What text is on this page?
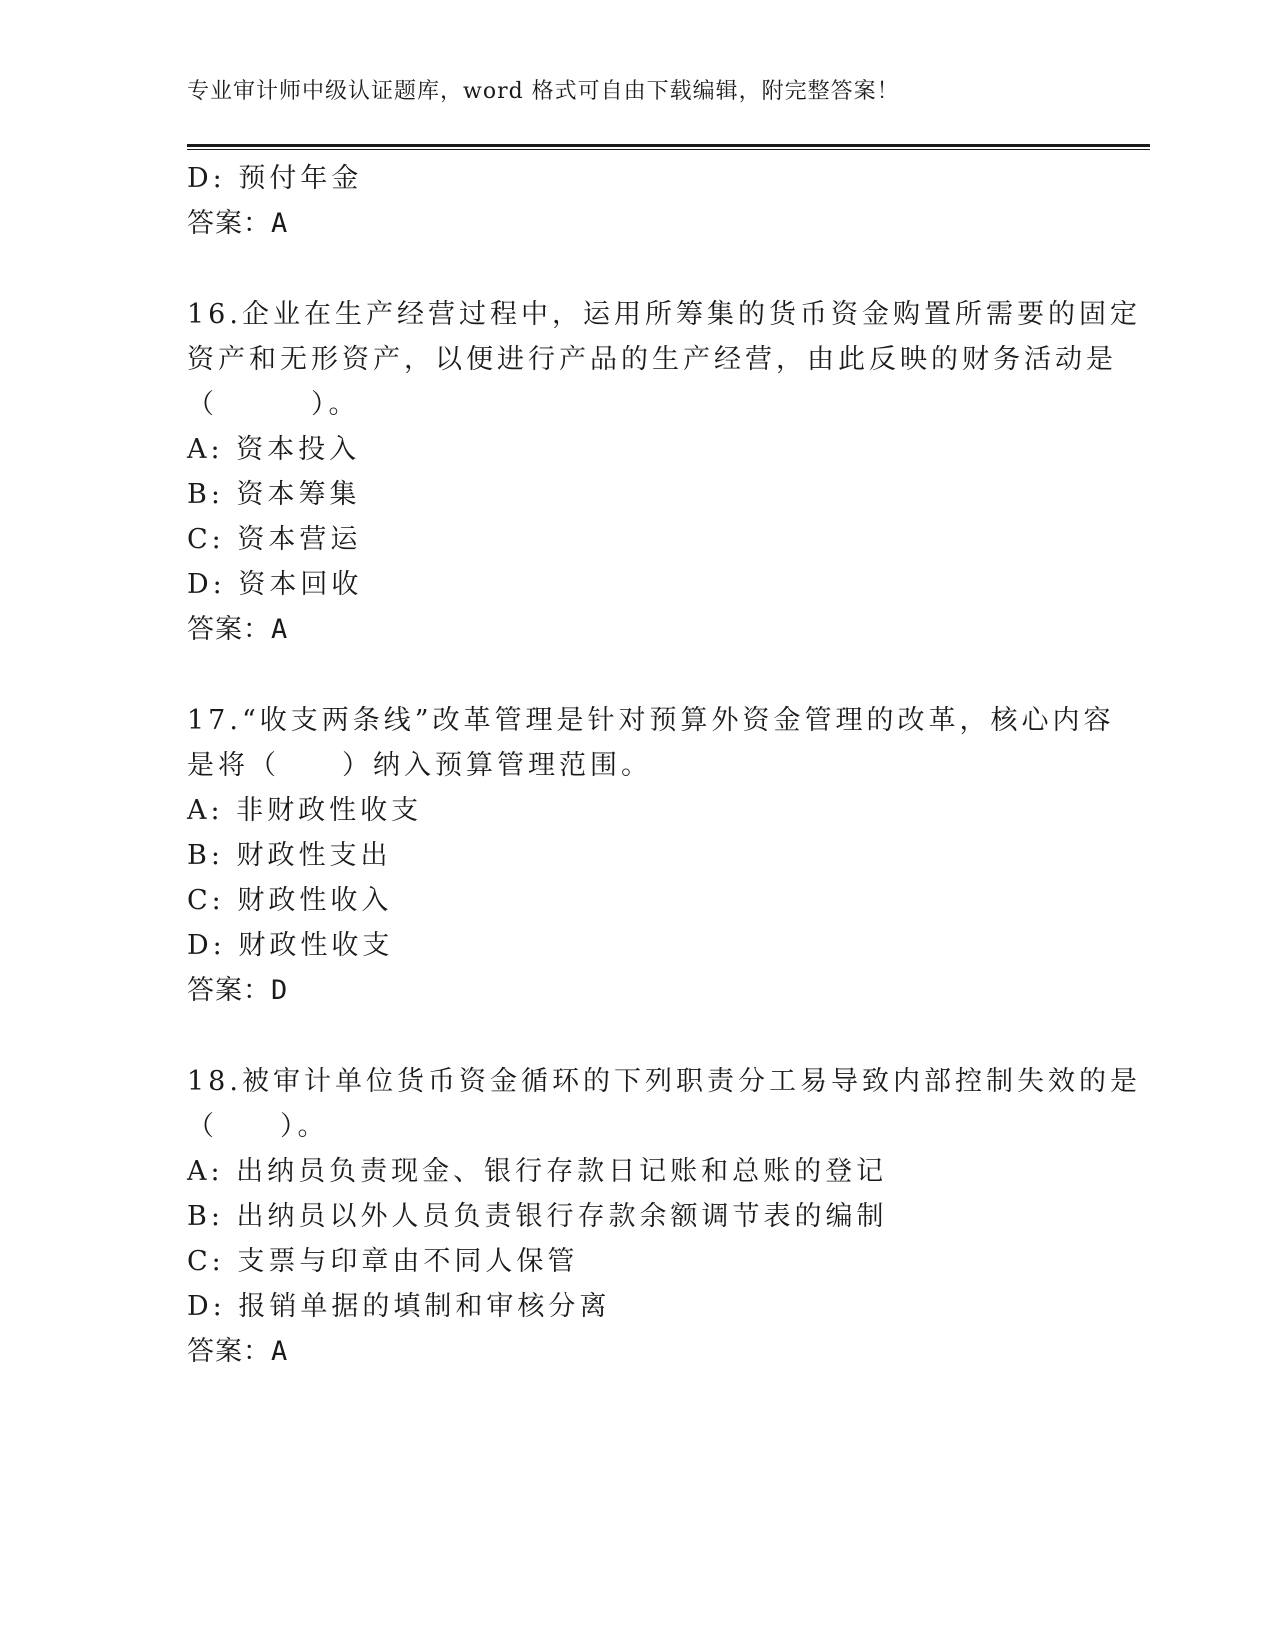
专业审计师中级认证题库，word 格式可自由下载编辑，附完整答案！
D: 预付年金
答案：A
16.企业在生产经营过程中，运用所筹集的货币资金购置所需要的固定
资产和无形资产，以便进行产品的生产经营，由此反映的财务活动是
（　　　）。
A: 资本投入
B: 资本筹集
C: 资本营运
D: 资本回收
答案：A
17.“收支两条线”改革管理是针对预算外资金管理的改革，核心内容
是将（　　）纳入预算管理范围。
A: 非财政性收支
B: 财政性支出
C: 财政性收入
D: 财政性收支
答案：D
18.被审计单位货币资金循环的下列职责分工易导致内部控制失效的是
（　　）。
A: 出纳员负责现金、银行存款日记账和总账的登记
B: 出纳员以外人员负责银行存款余额调节表的编制
C: 支票与印章由不同人保管
D: 报销单据的填制和审核分离
答案：A
